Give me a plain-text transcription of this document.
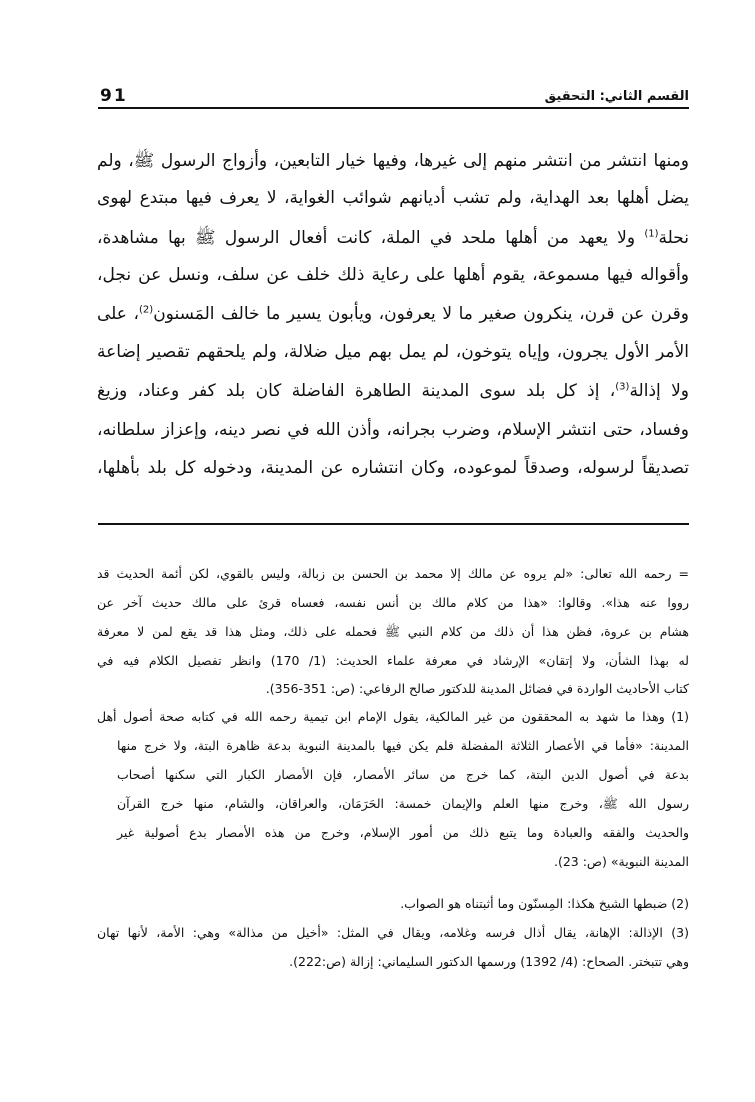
91	القسم الثاني: التحقيق
ومنها انتشر من انتشر منهم إلى غيرها، وفيها خيار التابعين، وأزواج الرسول ﷺ، ولم
يضل أهلها بعد الهداية، ولم تشب أديانهم شوائب الغواية، لا يعرف فيها مبتدع لهوى
نحلة$^{(1)}$ ولا يعهد من أهلها ملحد في الملة، كانت أفعال الرسول ﷺ بها مشاهدة،
وأقواله فيها مسموعة، يقوم أهلها على رعاية ذلك خلف عن سلف، ونسل عن نجل،
وقرن عن قرن، ينكرون صغير ما لا يعرفون، ويأبون يسير ما خالف المَسنون$^{(2)}$، على
الأمر الأول يجرون، وإياه يتوخون، لم يمل بهم ميل ضلالة، ولم يلحقهم تقصير إضاعة
ولا إذالة$^{(3)}$، إذ كل بلد سوى المدينة الطاهرة الفاضلة كان بلد كفر وعناد، وزيغ
وفساد، حتى انتشر الإسلام، وضرب بجرانه، وأذن الله في نصر دينه، وإعزاز سلطانه،
تصديقاً لرسوله، وصدقاً لموعوده، وكان انتشاره عن المدينة، ودخوله كل بلد بأهلها،
= رحمه الله تعالى: «لم يروه عن مالك إلا محمد بن الحسن بن زبالة، وليس بالقوي، لكن أئمة الحديث قد
رووا عنه هذا». وقالوا: «هذا من كلام مالك بن أنس نفسه، فعساه قرئ على مالك حديث آخر عن
هشام بن عروة، فظن هذا أن ذلك من كلام النبي ﷺ فحمله على ذلك، ومثل هذا قد يقع لمن لا معرفة
له بهذا الشأن، ولا إتقان» الإرشاد في معرفة علماء الحديث: (1/ 170) وانظر تفصيل الكلام فيه في
كتاب الأحاديث الواردة في فضائل المدينة للدكتور صالح الرفاعي: (ص: 351-356).
(1) وهذا ما شهد به المحققون من غير المالكية، يقول الإمام ابن تيمية رحمه الله في كتابه صحة أصول أهل
المدينة: «فأما في الأعصار الثلاثة المفضلة فلم يكن فيها بالمدينة النبوية بدعة ظاهرة البتة، ولا خرج منها
بدعة في أصول الدين البتة، كما خرج من سائر الأمصار، فإن الأمصار الكبار التي سكنها أصحاب
رسول الله ﷺ، وخرج منها العلم والإيمان خمسة: الحَرَمَان، والعراقان، والشام، منها خرج القرآن
والحديث والفقه والعبادة وما يتبع ذلك من أمور الإسلام، وخرج من هذه الأمصار بدع أصولية غير
المدينة النبوية» (ص: 23).
(2) ضبطها الشيخ هكذا: المِسنّون وما أثبتناه هو الصواب.
(3) الإذالة: الإهانة، يقال أذال فرسه وغلامه، ويقال في المثل: «أخيل من مذالة» وهي: الأمة، لأنها تهان
وهي تتبختر. الصحاح: (4/ 1392) ورسمها الدكتور السليماني: إزالة (ص:222).
